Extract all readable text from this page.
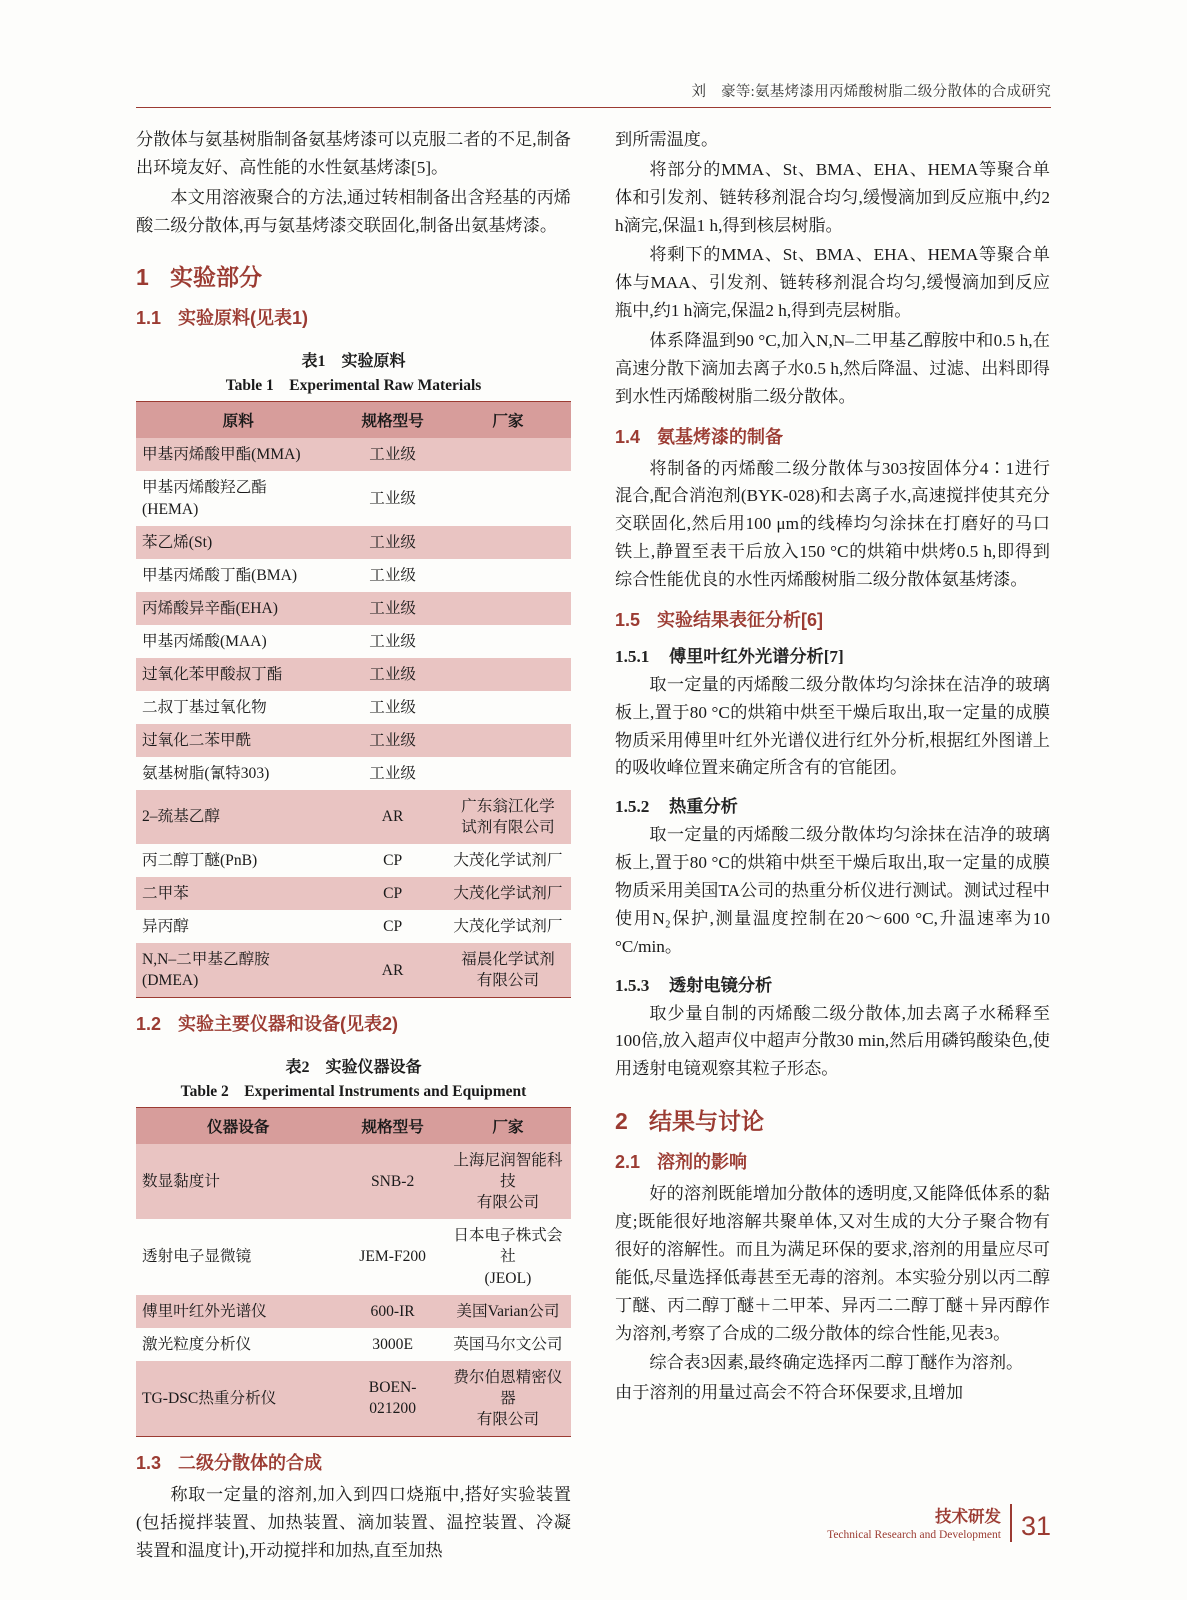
刘　豪等:氨基烤漆用丙烯酸树脂二级分散体的合成研究

分散体与氨基树脂制备氨基烤漆可以克服二者的不足,制备出环境友好、高性能的水性氨基烤漆[5]。

本文用溶液聚合的方法,通过转相制备出含羟基的丙烯酸二级分散体,再与氨基烤漆交联固化,制备出氨基烤漆。

1 实验部分
1.1 实验原料(见表1)
表1　实验原料
Table 1　Experimental Raw Materials
原料	规格型号	厂家
甲基丙烯酸甲酯(MMA)	工业级	
甲基丙烯酸羟乙酯
(HEMA)	工业级	
苯乙烯(St)	工业级	
甲基丙烯酸丁酯(BMA)	工业级	
丙烯酸异辛酯(EHA)	工业级	
甲基丙烯酸(MAA)	工业级	
过氧化苯甲酸叔丁酯	工业级	
二叔丁基过氧化物	工业级	
过氧化二苯甲酰	工业级	
氨基树脂(氰特303)	工业级	
2–巯基乙醇	AR	广东翁江化学
试剂有限公司
丙二醇丁醚(PnB)	CP	大茂化学试剂厂
二甲苯	CP	大茂化学试剂厂
异丙醇	CP	大茂化学试剂厂
N,N–二甲基乙醇胺
(DMEA)	AR	福晨化学试剂
有限公司
1.2 实验主要仪器和设备(见表2)
表2　实验仪器设备
Table 2　Experimental Instruments and Equipment
仪器设备	规格型号	厂家
数显黏度计	SNB-2	上海尼润智能科技
有限公司
透射电子显微镜	JEM-F200	日本电子株式会社
(JEOL)
傅里叶红外光谱仪	600-IR	美国Varian公司
激光粒度分析仪	3000E	英国马尔文公司
TG-DSC热重分析仪	BOEN-021200	费尔伯恩精密仪器
有限公司
1.3 二级分散体的合成

称取一定量的溶剂,加入到四口烧瓶中,搭好实验装置(包括搅拌装置、加热装置、滴加装置、温控装置、冷凝装置和温度计),开动搅拌和加热,直至加热

到所需温度。

将部分的MMA、St、BMA、EHA、HEMA等聚合单体和引发剂、链转移剂混合均匀,缓慢滴加到反应瓶中,约2 h滴完,保温1 h,得到核层树脂。

将剩下的MMA、St、BMA、EHA、HEMA等聚合单体与MAA、引发剂、链转移剂混合均匀,缓慢滴加到反应瓶中,约1 h滴完,保温2 h,得到壳层树脂。

体系降温到90 °C,加入N,N–二甲基乙醇胺中和0.5 h,在高速分散下滴加去离子水0.5 h,然后降温、过滤、出料即得到水性丙烯酸树脂二级分散体。

1.4 氨基烤漆的制备

将制备的丙烯酸二级分散体与303按固体分4∶1进行混合,配合消泡剂(BYK-028)和去离子水,高速搅拌使其充分交联固化,然后用100 μm的线棒均匀涂抹在打磨好的马口铁上,静置至表干后放入150 °C的烘箱中烘烤0.5 h,即得到综合性能优良的水性丙烯酸树脂二级分散体氨基烤漆。

1.5 实验结果表征分析[6]
1.5.1	傅里叶红外光谱分析[7]

取一定量的丙烯酸二级分散体均匀涂抹在洁净的玻璃板上,置于80 °C的烘箱中烘至干燥后取出,取一定量的成膜物质采用傅里叶红外光谱仪进行红外分析,根据红外图谱上的吸收峰位置来确定所含有的官能团。

1.5.2	热重分析

取一定量的丙烯酸二级分散体均匀涂抹在洁净的玻璃板上,置于80 °C的烘箱中烘至干燥后取出,取一定量的成膜物质采用美国TA公司的热重分析仪进行测试。测试过程中使用N₂保护,测量温度控制在20～600 °C,升温速率为10 °C/min。

1.5.3	透射电镜分析

取少量自制的丙烯酸二级分散体,加去离子水稀释至100倍,放入超声仪中超声分散30 min,然后用磷钨酸染色,使用透射电镜观察其粒子形态。

2 结果与讨论
2.1 溶剂的影响

好的溶剂既能增加分散体的透明度,又能降低体系的黏度;既能很好地溶解共聚单体,又对生成的大分子聚合物有很好的溶解性。而且为满足环保的要求,溶剂的用量应尽可能低,尽量选择低毒甚至无毒的溶剂。本实验分别以丙二醇丁醚、丙二醇丁醚＋二甲苯、异丙二二醇丁醚＋异丙醇作为溶剂,考察了合成的二级分散体的综合性能,见表3。

综合表3因素,最终确定选择丙二醇丁醚作为溶剂。

由于溶剂的用量过高会不符合环保要求,且增加

技术研发
Technical Research and Development 31
